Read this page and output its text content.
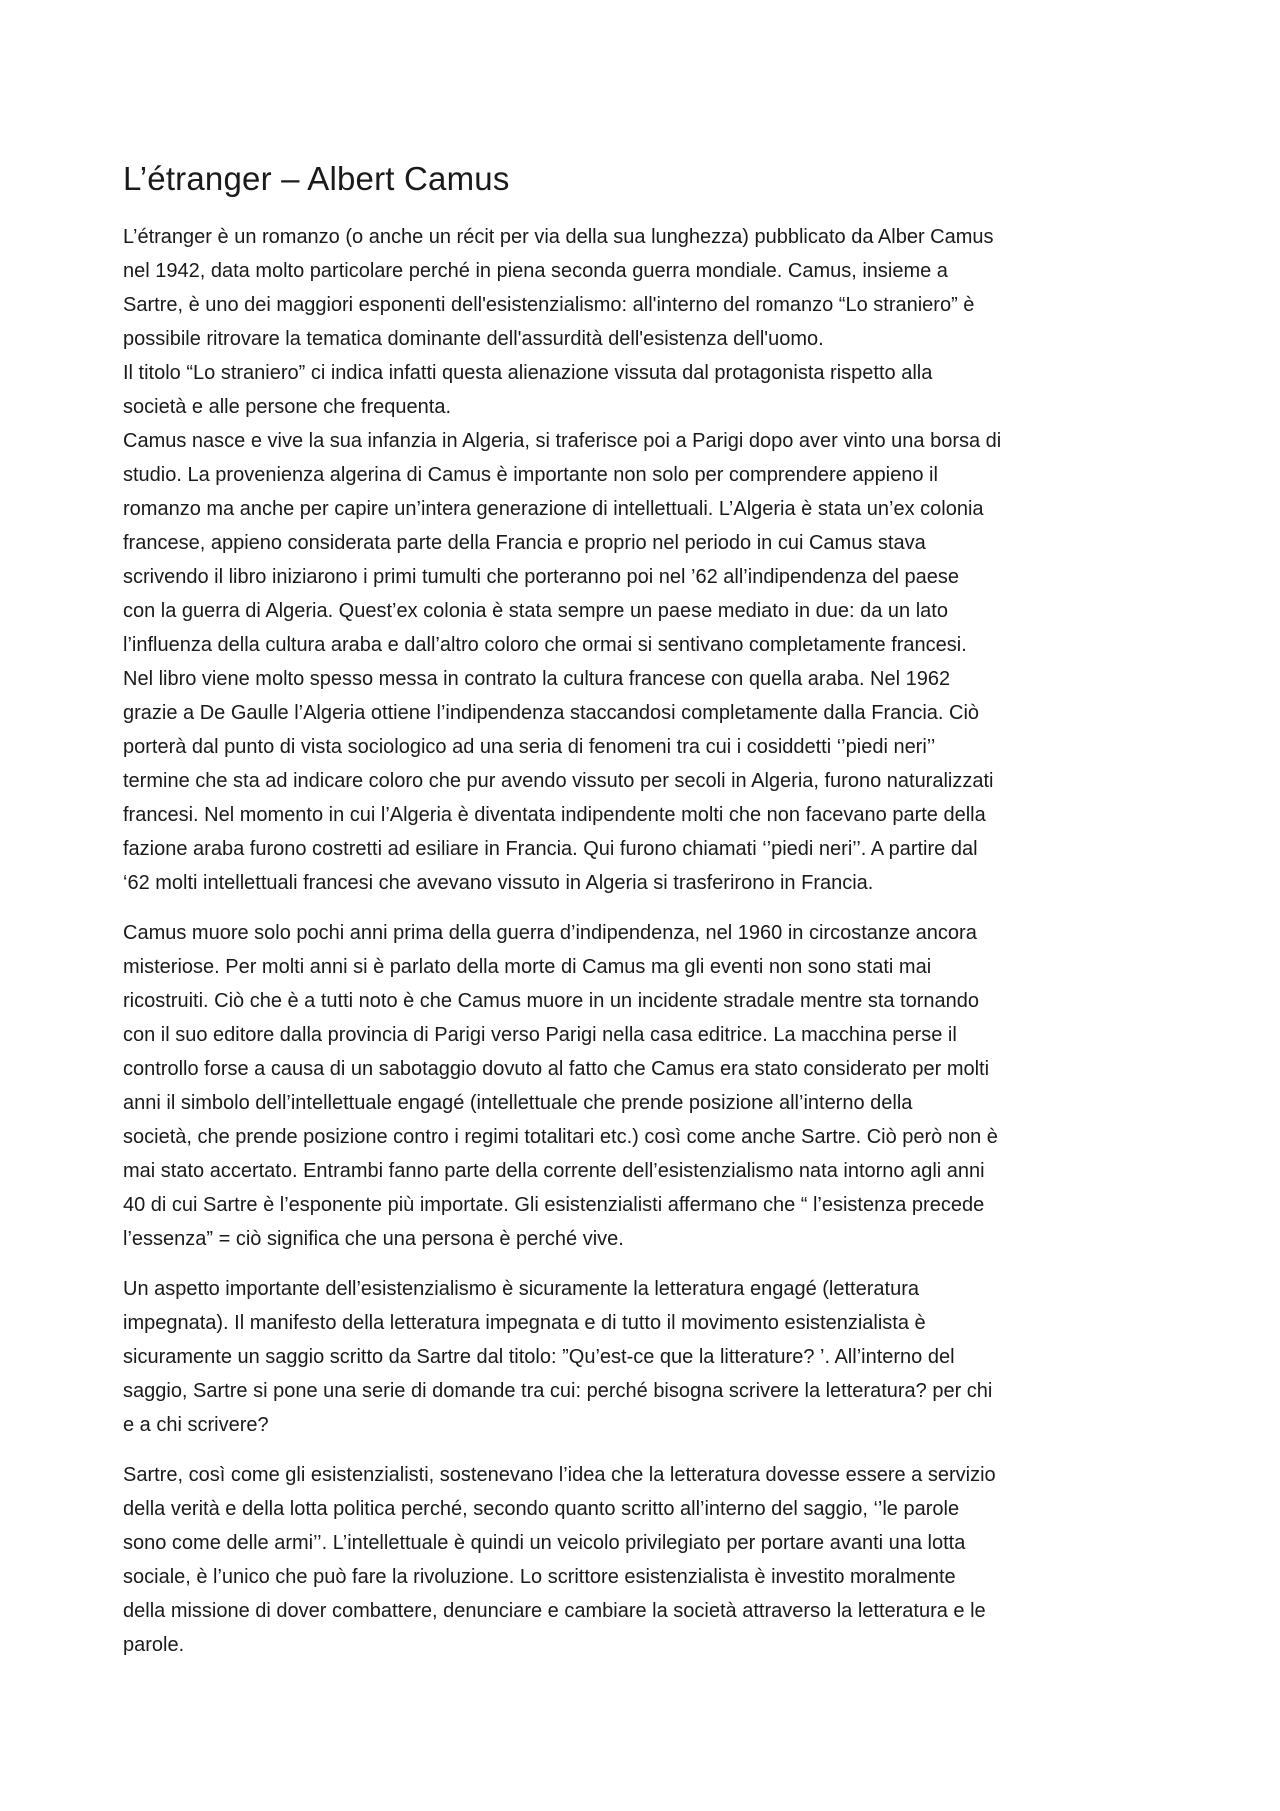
L’étranger – Albert Camus

L’étranger è un romanzo (o anche un récit per via della sua lunghezza) pubblicato da Alber Camus
nel 1942, data molto particolare perché in piena seconda guerra mondiale. Camus, insieme a
Sartre, è uno dei maggiori esponenti dell'esistenzialismo: all'interno del romanzo “Lo straniero” è
possibile ritrovare la tematica dominante dell'assurdità dell'esistenza dell'uomo.
Il titolo “Lo straniero” ci indica infatti questa alienazione vissuta dal protagonista rispetto alla
società e alle persone che frequenta.
Camus nasce e vive la sua infanzia in Algeria, si traferisce poi a Parigi dopo aver vinto una borsa di
studio. La provenienza algerina di Camus è importante non solo per comprendere appieno il
romanzo ma anche per capire un’intera generazione di intellettuali. L’Algeria è stata un’ex colonia
francese, appieno considerata parte della Francia e proprio nel periodo in cui Camus stava
scrivendo il libro iniziarono i primi tumulti che porteranno poi nel ’62 all’indipendenza del paese
con la guerra di Algeria. Quest’ex colonia è stata sempre un paese mediato in due: da un lato
l’influenza della cultura araba e dall’altro coloro che ormai si sentivano completamente francesi.
Nel libro viene molto spesso messa in contrato la cultura francese con quella araba. Nel 1962
grazie a De Gaulle l’Algeria ottiene l’indipendenza staccandosi completamente dalla Francia. Ciò
porterà dal punto di vista sociologico ad una seria di fenomeni tra cui i cosiddetti ‘’piedi neri’’
termine che sta ad indicare coloro che pur avendo vissuto per secoli in Algeria, furono naturalizzati
francesi. Nel momento in cui l’Algeria è diventata indipendente molti che non facevano parte della
fazione araba furono costretti ad esiliare in Francia. Qui furono chiamati ‘’piedi neri’’. A partire dal
‘62 molti intellettuali francesi che avevano vissuto in Algeria si trasferirono in Francia.

Camus muore solo pochi anni prima della guerra d’indipendenza, nel 1960 in circostanze ancora
misteriose. Per molti anni si è parlato della morte di Camus ma gli eventi non sono stati mai
ricostruiti. Ciò che è a tutti noto è che Camus muore in un incidente stradale mentre sta tornando
con il suo editore dalla provincia di Parigi verso Parigi nella casa editrice. La macchina perse il
controllo forse a causa di un sabotaggio dovuto al fatto che Camus era stato considerato per molti
anni il simbolo dell’intellettuale engagé (intellettuale che prende posizione all’interno della
società, che prende posizione contro i regimi totalitari etc.) così come anche Sartre. Ciò però non è
mai stato accertato. Entrambi fanno parte della corrente dell’esistenzialismo nata intorno agli anni
40 di cui Sartre è l’esponente più importate. Gli esistenzialisti affermano che “ l’esistenza precede
l’essenza” = ciò significa che una persona è perché vive.

Un aspetto importante dell’esistenzialismo è sicuramente la letteratura engagé (letteratura
impegnata). Il manifesto della letteratura impegnata e di tutto il movimento esistenzialista è
sicuramente un saggio scritto da Sartre dal titolo: ”Qu’est-ce que la litterature? ’. All’interno del
saggio, Sartre si pone una serie di domande tra cui: perché bisogna scrivere la letteratura? per chi
e a chi scrivere?

Sartre, così come gli esistenzialisti, sostenevano l’idea che la letteratura dovesse essere a servizio
della verità e della lotta politica perché, secondo quanto scritto all’interno del saggio, ‘’le parole
sono come delle armi’’. L’intellettuale è quindi un veicolo privilegiato per portare avanti una lotta
sociale, è l’unico che può fare la rivoluzione. Lo scrittore esistenzialista è investito moralmente
della missione di dover combattere, denunciare e cambiare la società attraverso la letteratura e le
parole.
